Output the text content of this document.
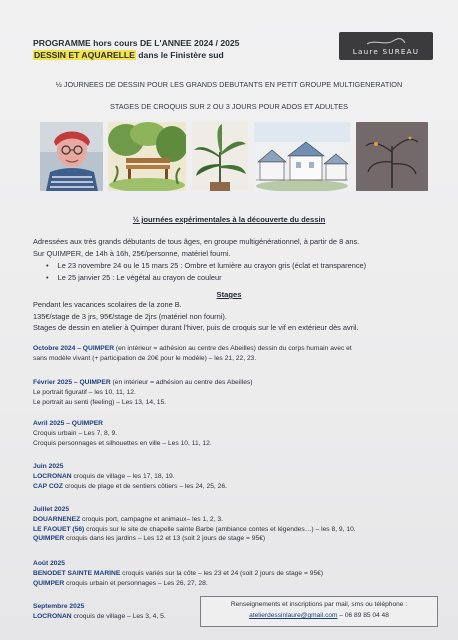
PROGRAMME hors cours DE L'ANNEE 2024 / 2025
DESSIN ET AQUARELLE dans le Finistère sud	Laure SUREAU
½ JOURNEES DE DESSIN POUR LES GRANDS DEBUTANTS EN PETIT GROUPE MULTIGENERATION
STAGES DE CROQUIS SUR 2 OU 3 JOURS POUR ADOS ET ADULTES
½ journées expérimentales à la découverte du dessin
Adressées aux très grands débutants de tous âges, en groupe multigénérationnel, à partir de 8 ans.
Sur QUIMPER, de 14h à 16h, 25€/personne, matériel fourni.
• Le 23 novembre 24 ou le 15 mars 25 : Ombre et lumière au crayon gris (éclat et transparence)
• Le 25 janvier 25 : Le végétal au crayon de couleur
Stages
Pendant les vacances scolaires de la zone B.
135€/stage de 3 jrs, 95€/stage de 2jrs (matériel non fourni).
Stages de dessin en atelier à Quimper durant l'hiver, puis de croquis sur le vif en extérieur dès avril.
Octobre 2024 – QUIMPER (en intérieur = adhésion au centre des Abeilles) dessin du corps humain avec et
sans modèle vivant (+ participation de 20€ pour le modèle) – les 21, 22, 23.
Février 2025 – QUIMPER (en intérieur = adhésion au centre des Abeilles)
Le portrait figuratif – les 10, 11, 12.
Le portrait au senti (feeling) – Les 13, 14, 15.
Avril 2025 – QUIMPER
Croquis urbain – Les 7, 8, 9.
Croquis personnages et silhouettes en ville – Les 10, 11, 12.
Juin 2025
LOCRONAN croquis de village – les 17, 18, 19.
CAP COZ croquis de plage et de sentiers côtiers – les 24, 25, 26.
Juillet 2025
DOUARNENEZ croquis port, campagne et animaux– les 1, 2, 3.
LE FAOUET (56) croquis sur le site de chapelle sainte Barbe (ambiance contes et légendes…) – les 8, 9, 10.
QUIMPER croquis dans les jardins – Les 12 et 13 (soit 2 jours de stage = 95€)
Août 2025
BENODET SAINTE MARINE croquis variés sur la côte – les 23 et 24 (soit 2 jours de stage = 95€)
QUIMPER croquis urbain et personnages – Les 26, 27, 28.
Septembre 2025
LOCRONAN croquis de village – Les 3, 4, 5.
Renseignements et inscriptions par mail, sms ou téléphone :
atelierdessinlaure@gmail.com – 06 89 85 04 48
